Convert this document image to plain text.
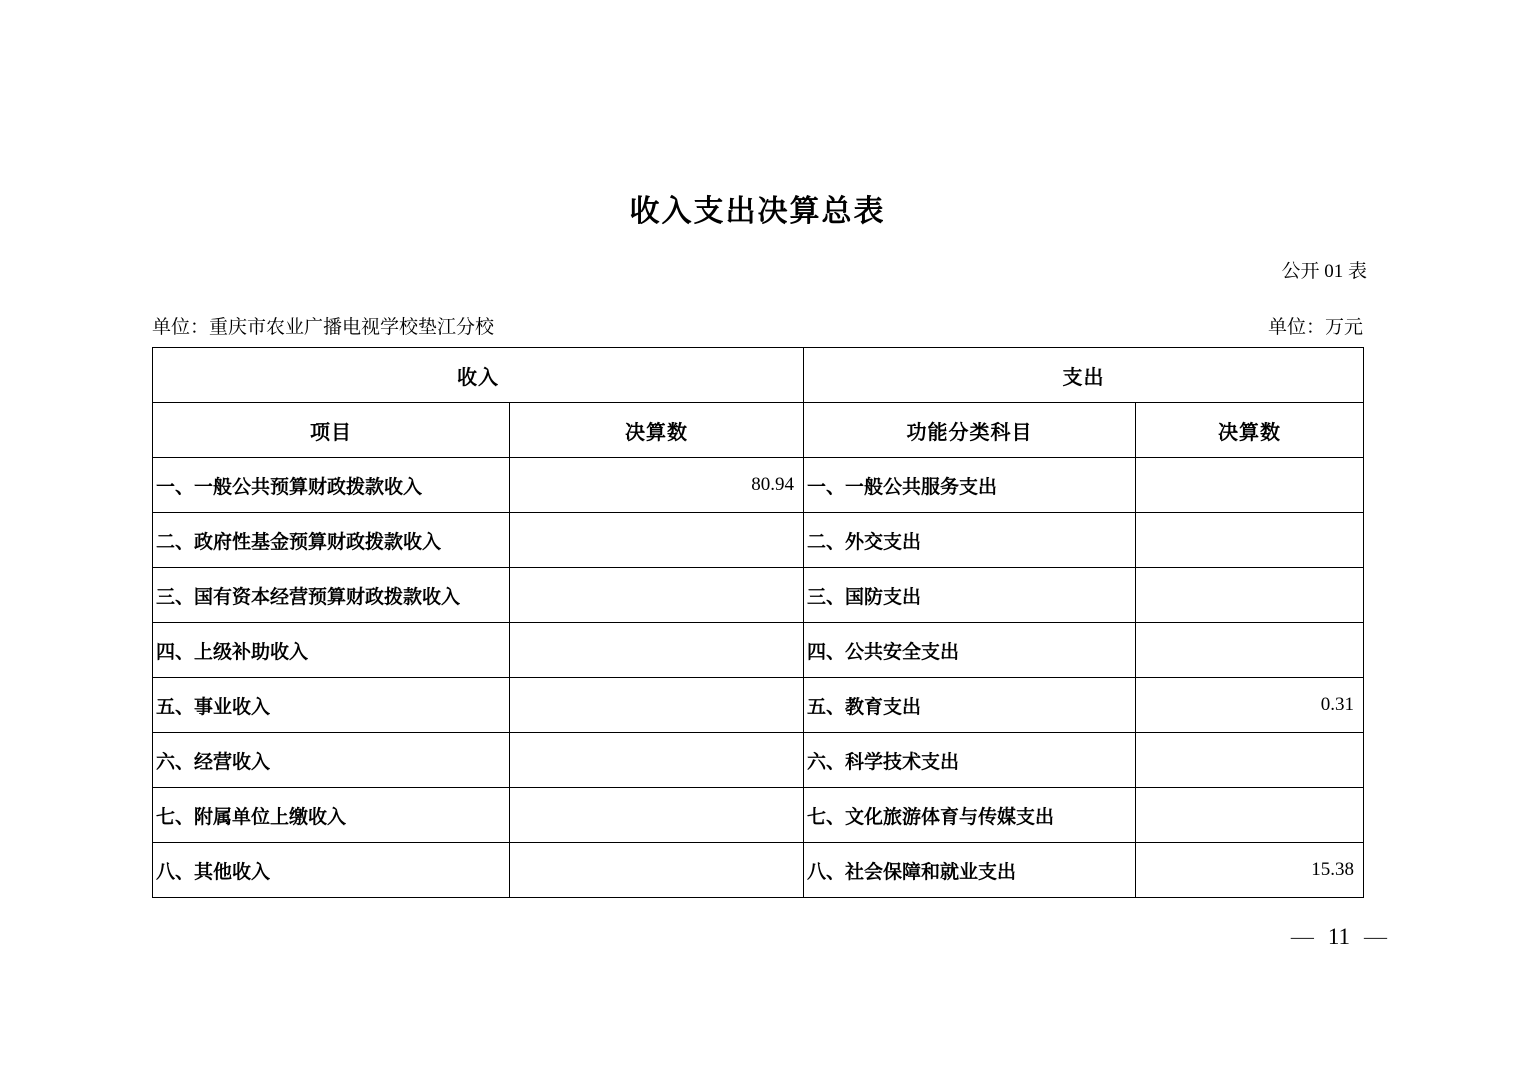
收入支出决算总表
公开 01 表
单位：重庆市农业广播电视学校垫江分校	单位：万元
收入		支出	
项目	决算数	功能分类科目	决算数
一、一般公共预算财政拨款收入	80.94	一、一般公共服务支出	
二、政府性基金预算财政拨款收入		二、外交支出	
三、国有资本经营预算财政拨款收入		三、国防支出	
四、上级补助收入		四、公共安全支出	
五、事业收入		五、教育支出	0.31
六、经营收入		六、科学技术支出	
七、附属单位上缴收入		七、文化旅游体育与传媒支出	
八、其他收入		八、社会保障和就业支出	15.38
— 11 —
